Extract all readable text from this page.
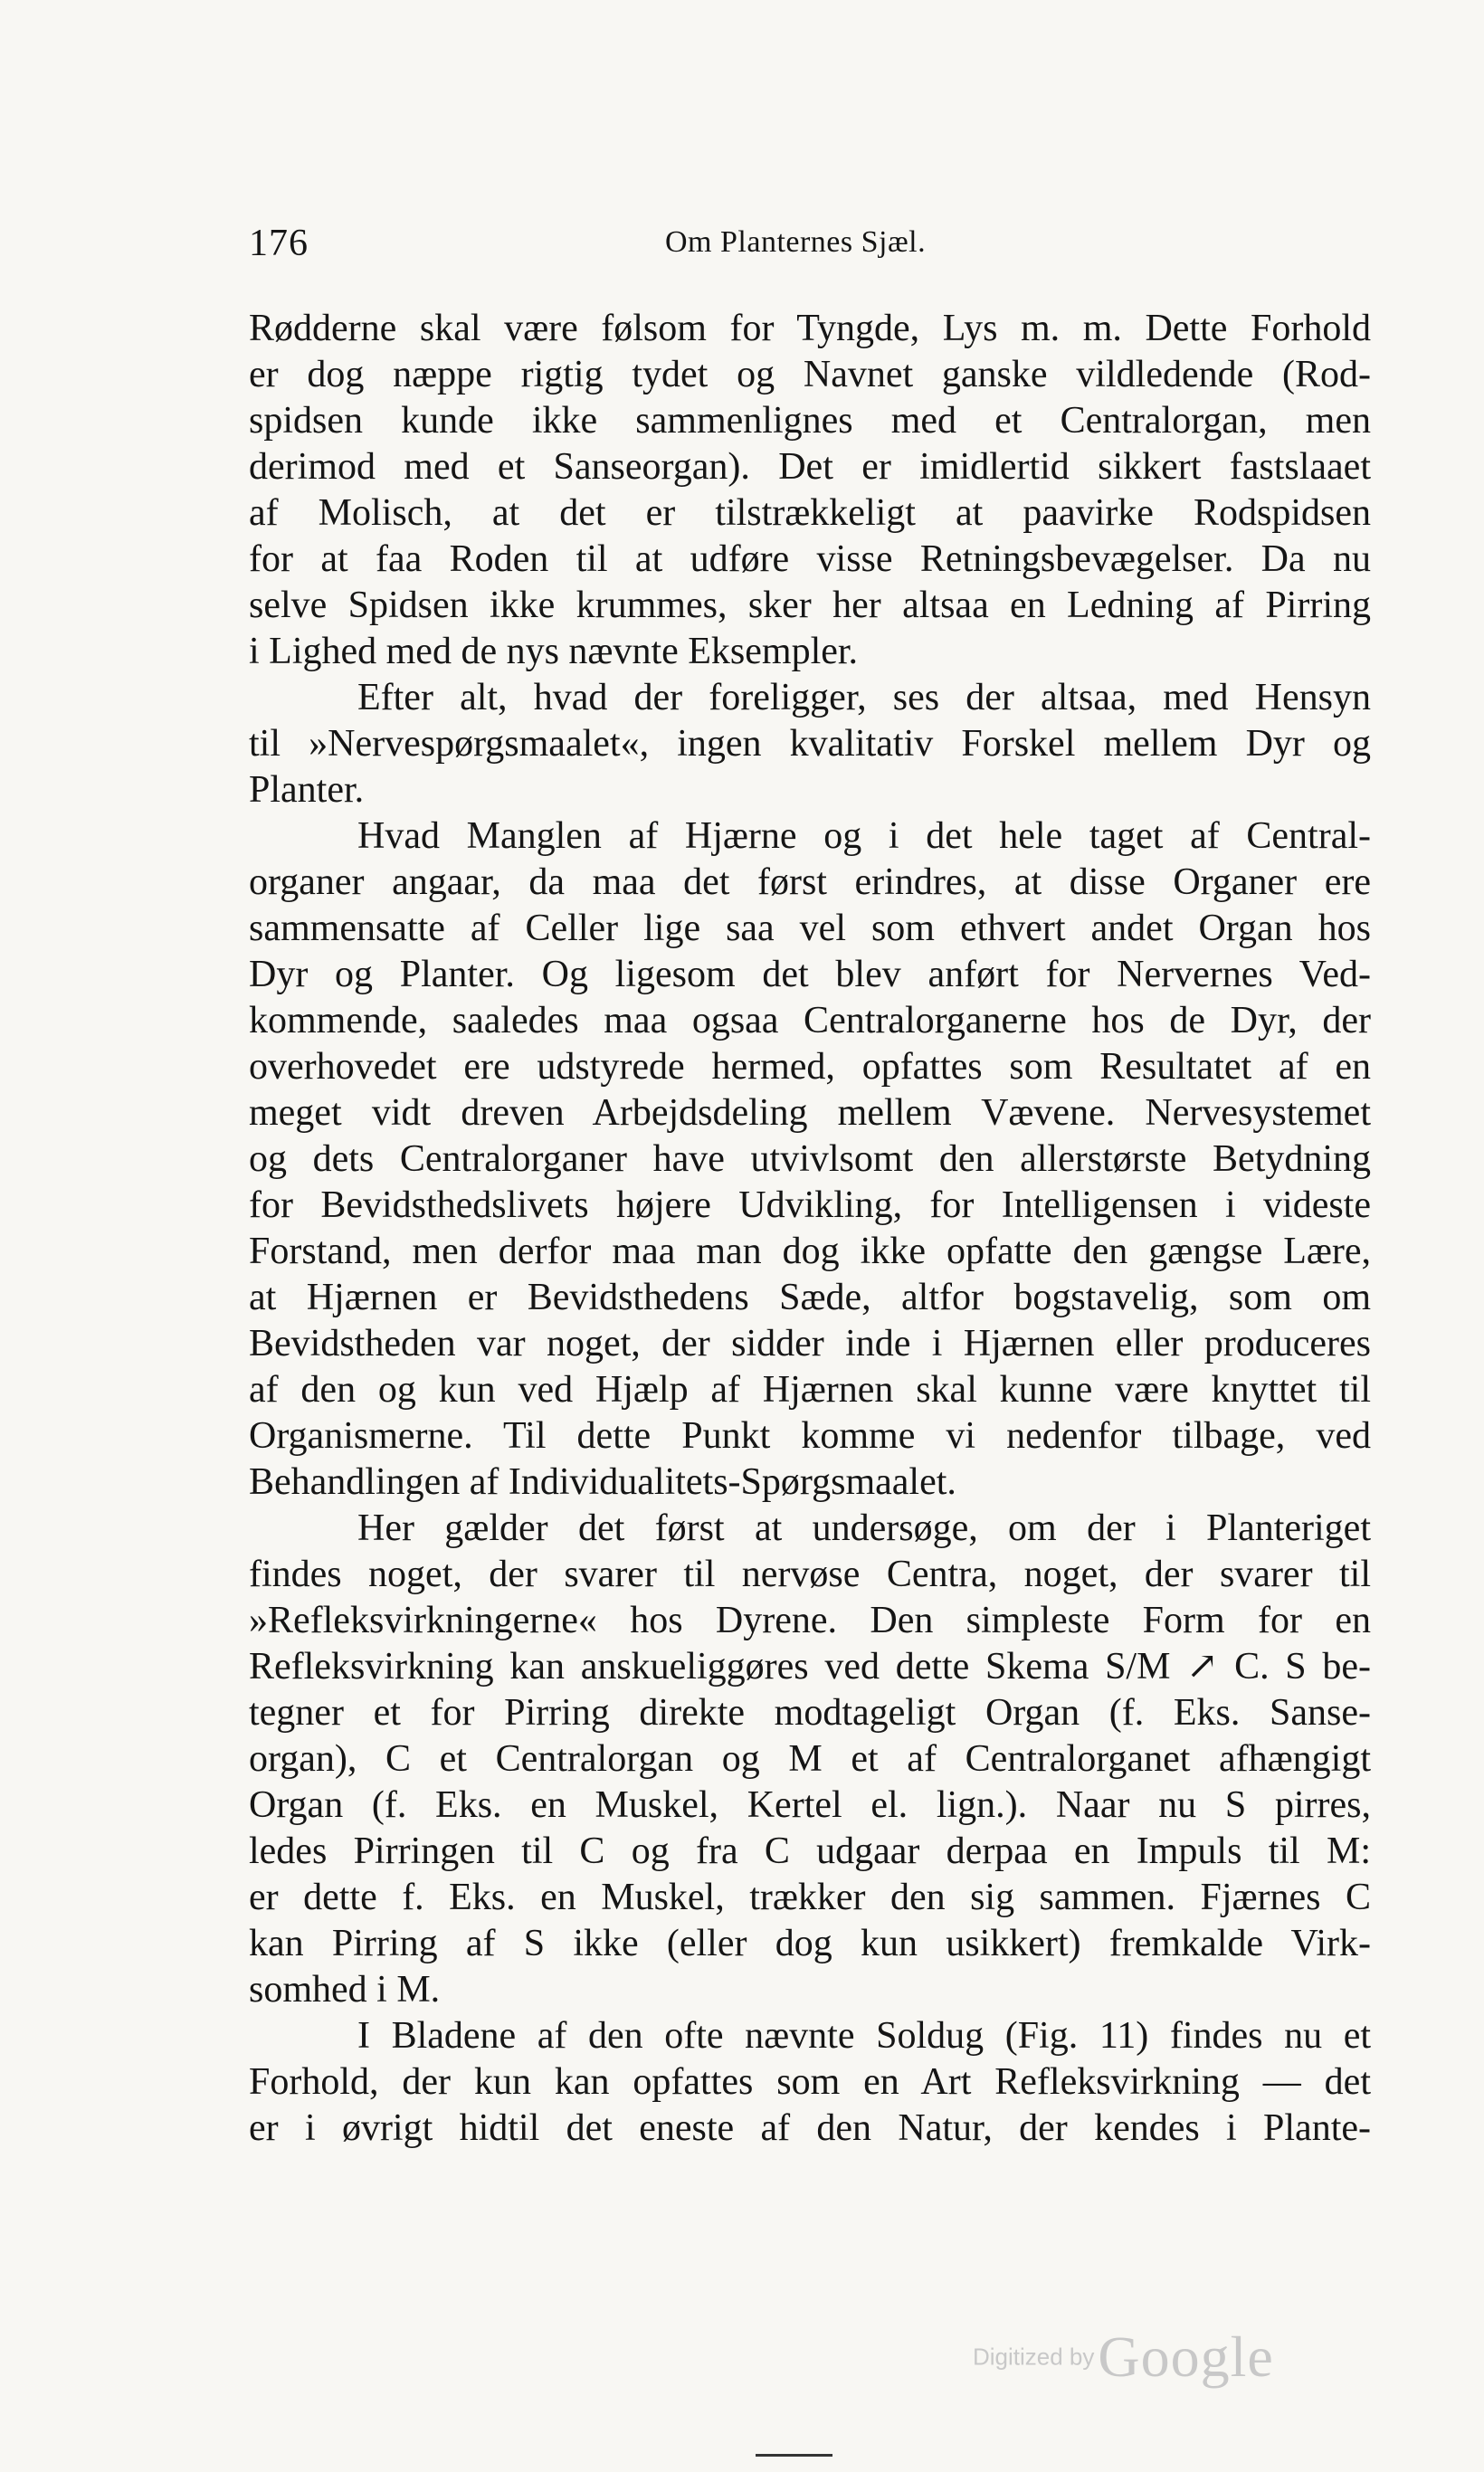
176	Om Planternes Sjæl.
Rødderne skal være følsom for Tyngde, Lys m. m. Dette Forhold
er dog næppe rigtig tydet og Navnet ganske vildledende (Rod-
spidsen kunde ikke sammenlignes med et Centralorgan, men
derimod med et Sanseorgan). Det er imidlertid sikkert fastslaaet
af Molisch, at det er tilstrækkeligt at paavirke Rodspidsen
for at faa Roden til at udføre visse Retningsbevægelser. Da nu
selve Spidsen ikke krummes, sker her altsaa en Ledning af Pirring
i Lighed med de nys nævnte Eksempler.
Efter alt, hvad der foreligger, ses der altsaa, med Hensyn
til »Nervespørgsmaalet«, ingen kvalitativ Forskel mellem Dyr og
Planter.
Hvad Manglen af Hjærne og i det hele taget af Central-
organer angaar, da maa det først erindres, at disse Organer ere
sammensatte af Celler lige saa vel som ethvert andet Organ hos
Dyr og Planter. Og ligesom det blev anført for Nervernes Ved-
kommende, saaledes maa ogsaa Centralorganerne hos de Dyr, der
overhovedet ere udstyrede hermed, opfattes som Resultatet af en
meget vidt dreven Arbejdsdeling mellem Vævene. Nervesystemet
og dets Centralorganer have utvivlsomt den allerstørste Betydning
for Bevidsthedslivets højere Udvikling, for Intelligensen i videste
Forstand, men derfor maa man dog ikke opfatte den gængse Lære,
at Hjærnen er Bevidsthedens Sæde, altfor bogstavelig, som om
Bevidstheden var noget, der sidder inde i Hjærnen eller produceres
af den og kun ved Hjælp af Hjærnen skal kunne være knyttet til
Organismerne. Til dette Punkt komme vi nedenfor tilbage, ved
Behandlingen af Individualitets-Spørgsmaalet.
Her gælder det først at undersøge, om der i Planteriget
findes noget, der svarer til nervøse Centra, noget, der svarer til
»Refleksvirkningerne« hos Dyrene. Den simpleste Form for en
Refleksvirkning kan anskueliggøres ved dette Skema S/M ↗ C. S be-
tegner et for Pirring direkte modtageligt Organ (f. Eks. Sanse-
organ), C et Centralorgan og M et af Centralorganet afhængigt
Organ (f. Eks. en Muskel, Kertel el. lign.). Naar nu S pirres,
ledes Pirringen til C og fra C udgaar derpaa en Impuls til M:
er dette f. Eks. en Muskel, trækker den sig sammen. Fjærnes C
kan Pirring af S ikke (eller dog kun usikkert) fremkalde Virk-
somhed i M.
I Bladene af den ofte nævnte Soldug (Fig. 11) findes nu et
Forhold, der kun kan opfattes som en Art Refleksvirkning — det
er i øvrigt hidtil det eneste af den Natur, der kendes i Plante-
Digitized by Google
